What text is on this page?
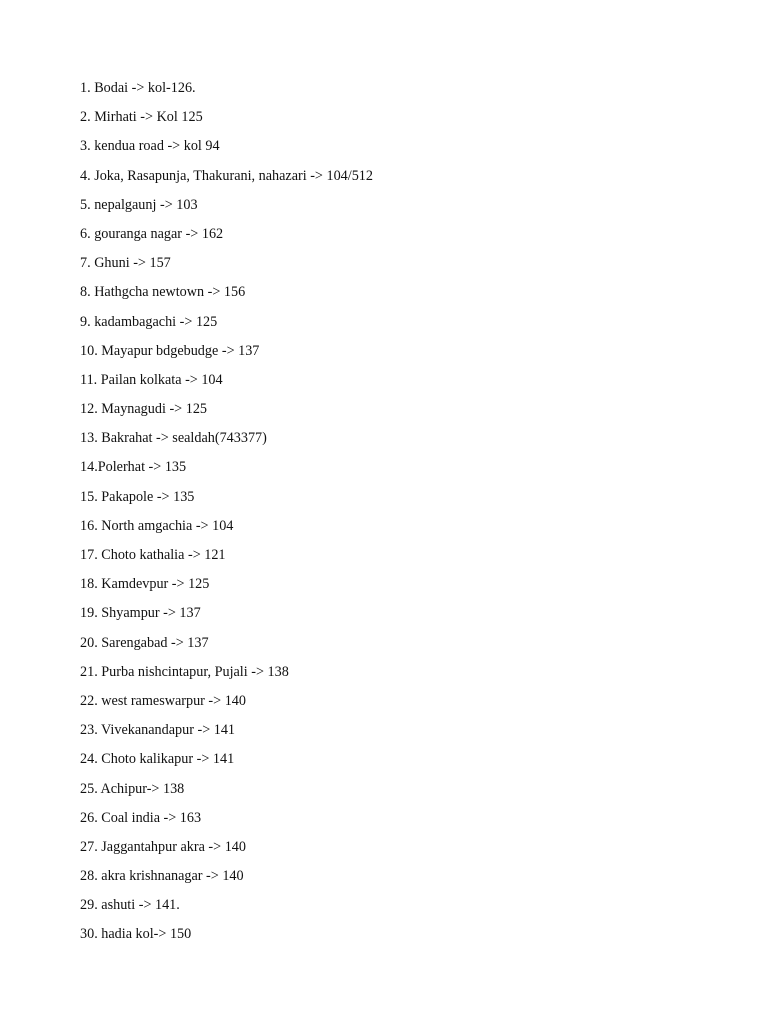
1. Bodai -> kol-126.
2. Mirhati -> Kol 125
3. kendua road -> kol 94
4. Joka, Rasapunja, Thakurani, nahazari -> 104/512
5. nepalgaunj -> 103
6. gouranga nagar -> 162
7. Ghuni -> 157
8. Hathgcha newtown -> 156
9. kadambagachi -> 125
10. Mayapur bdgebudge -> 137
11. Pailan kolkata -> 104
12. Maynagudi -> 125
13. Bakrahat -> sealdah(743377)
14.Polerhat -> 135
15. Pakapole -> 135
16. North amgachia -> 104
17. Choto kathalia -> 121
18. Kamdevpur -> 125
19. Shyampur -> 137
20. Sarengabad -> 137
21. Purba nishcintapur, Pujali -> 138
22. west rameswarpur -> 140
23. Vivekanandapur -> 141
24. Choto kalikapur -> 141
25. Achipur-> 138
26. Coal india -> 163
27. Jaggantahpur akra -> 140
28. akra krishnanagar -> 140
29. ashuti -> 141.
30. hadia kol-> 150
